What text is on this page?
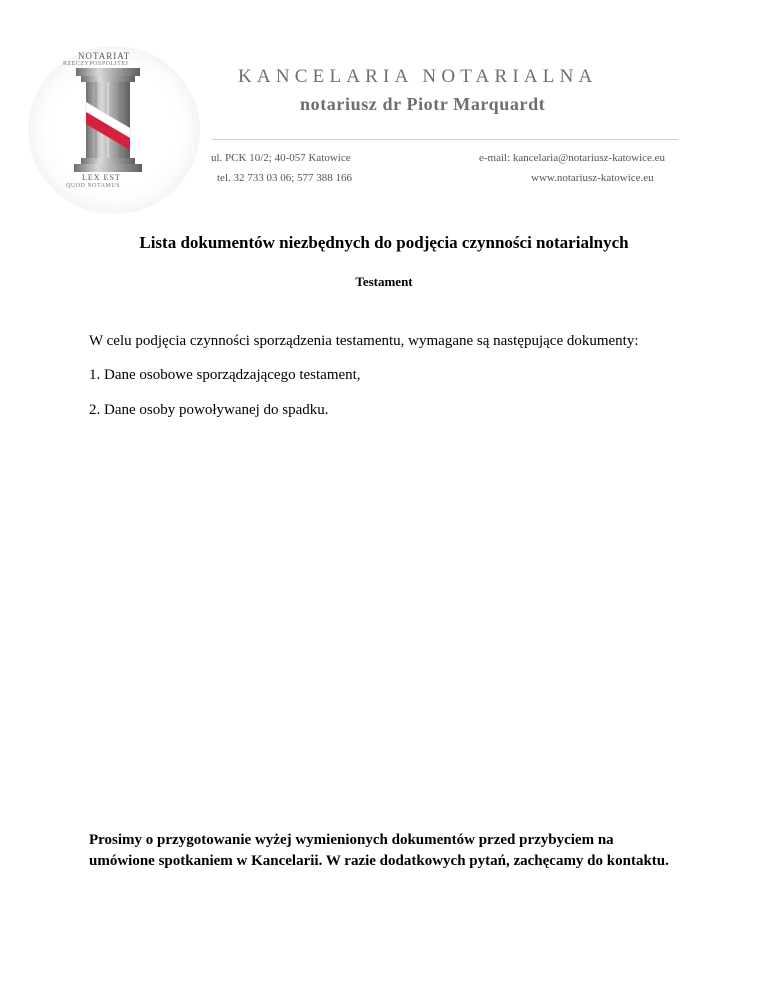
NOTARIAT
RZECZYPOSPOLITEJ
LEX EST
QUOD NOTAMUS
KANCELARIA NOTARIALNA
notariusz dr Piotr Marquardt
ul. PCK 10/2; 40-057 Katowice	e-mail: kancelaria@notariusz-katowice.eu
tel. 32 733 03 06; 577 388 166	www.notariusz-katowice.eu
Lista dokumentów niezbędnych do podjęcia czynności notarialnych
Testament
W celu podjęcia czynności sporządzenia testamentu, wymagane są następujące dokumenty:
1. Dane osobowe sporządzającego testament,
2. Dane osoby powoływanej do spadku.
Prosimy o przygotowanie wyżej wymienionych dokumentów przed przybyciem na umówione spotkaniem w Kancelarii. W razie dodatkowych pytań, zachęcamy do kontaktu.
